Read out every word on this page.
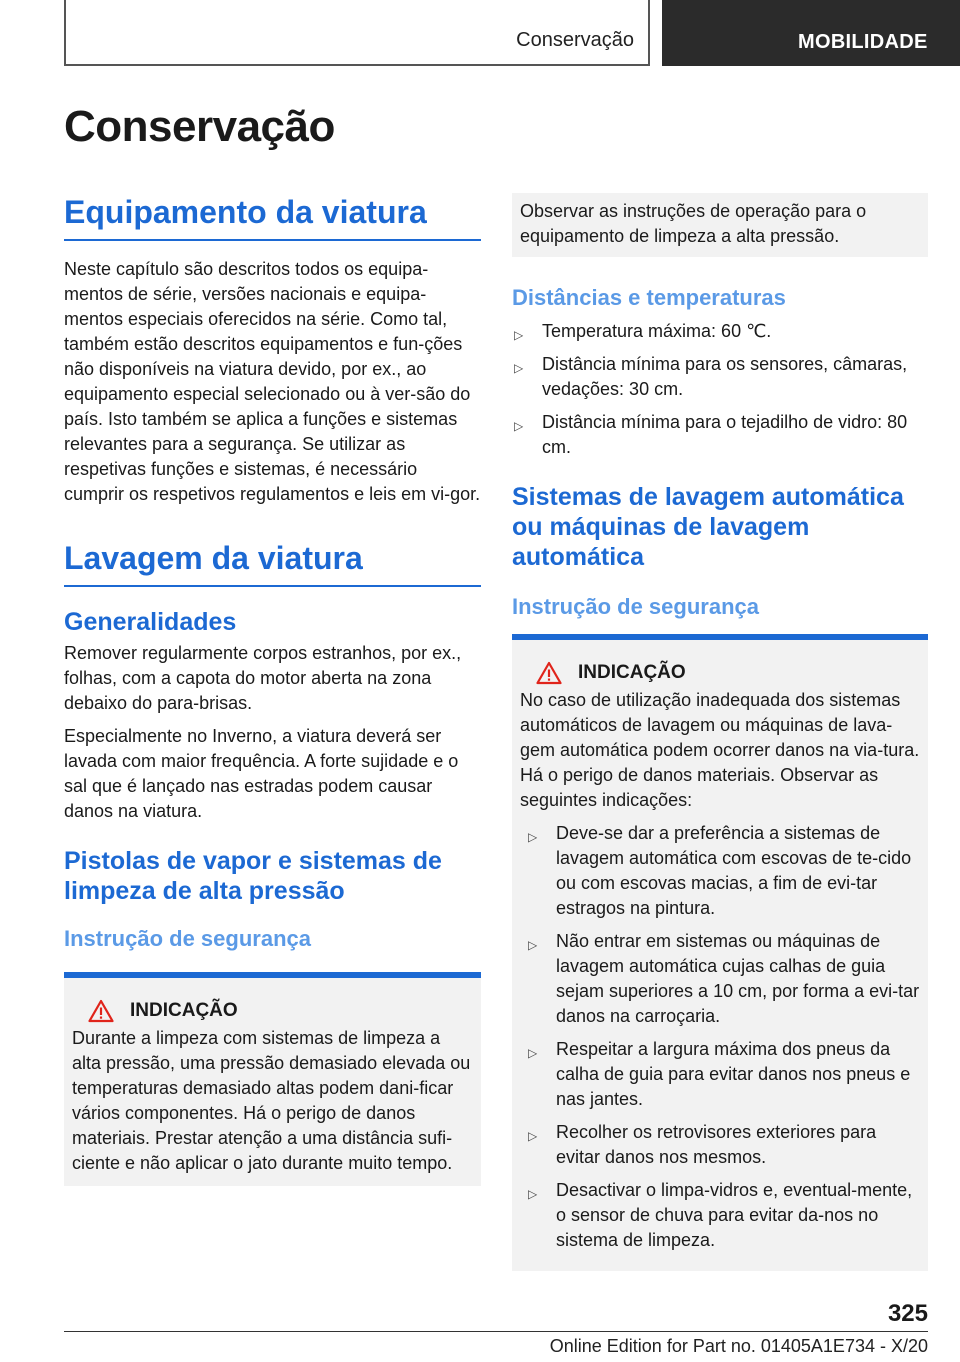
Conservação	MOBILIDADE
Conservação
Equipamento da viatura

Neste capítulo são descritos todos os equipa-mentos de série, versões nacionais e equipa-mentos especiais oferecidos na série. Como tal, também estão descritos equipamentos e fun-ções não disponíveis na viatura devido, por ex., ao equipamento especial selecionado ou à ver-são do país. Isto também se aplica a funções e sistemas relevantes para a segurança. Se utilizar as respetivas funções e sistemas, é necessário cumprir os respetivos regulamentos e leis em vi-gor.

Lavagem da viatura
Generalidades

Remover regularmente corpos estranhos, por ex., folhas, com a capota do motor aberta na zona debaixo do para-brisas.

Especialmente no Inverno, a viatura deverá ser lavada com maior frequência. A forte sujidade e o sal que é lançado nas estradas podem causar danos na viatura.

Pistolas de vapor e sistemas de limpeza de alta pressão
Instrução de segurança
INDICAÇÃO

Durante a limpeza com sistemas de limpeza a alta pressão, uma pressão demasiado elevada ou temperaturas demasiado altas podem dani-ficar vários componentes. Há o perigo de danos materiais. Prestar atenção a uma distância sufi-ciente e não aplicar o jato durante muito tempo.

Observar as instruções de operação para o equipamento de limpeza a alta pressão.

Distâncias e temperaturas
▷ Temperatura máxima: 60 ℃.
▷ Distância mínima para os sensores, câmaras, vedações: 30 cm.
▷ Distância mínima para o tejadilho de vidro: 80 cm.
Sistemas de lavagem automática ou máquinas de lavagem automática
Instrução de segurança
INDICAÇÃO

No caso de utilização inadequada dos sistemas automáticos de lavagem ou máquinas de lava-gem automática podem ocorrer danos na via-tura. Há o perigo de danos materiais. Observar as seguintes indicações:

▷ Deve-se dar a preferência a sistemas de lavagem automática com escovas de te-cido ou com escovas macias, a fim de evi-tar estragos na pintura.
▷ Não entrar em sistemas ou máquinas de lavagem automática cujas calhas de guia sejam superiores a 10 cm, por forma a evi-tar danos na carroçaria.
▷ Respeitar a largura máxima dos pneus da calha de guia para evitar danos nos pneus e nas jantes.
▷ Recolher os retrovisores exteriores para evitar danos nos mesmos.
▷ Desactivar o limpa-vidros e, eventual-mente, o sensor de chuva para evitar da-nos no sistema de limpeza.
325
Online Edition for Part no. 01405A1E734 - X/20
